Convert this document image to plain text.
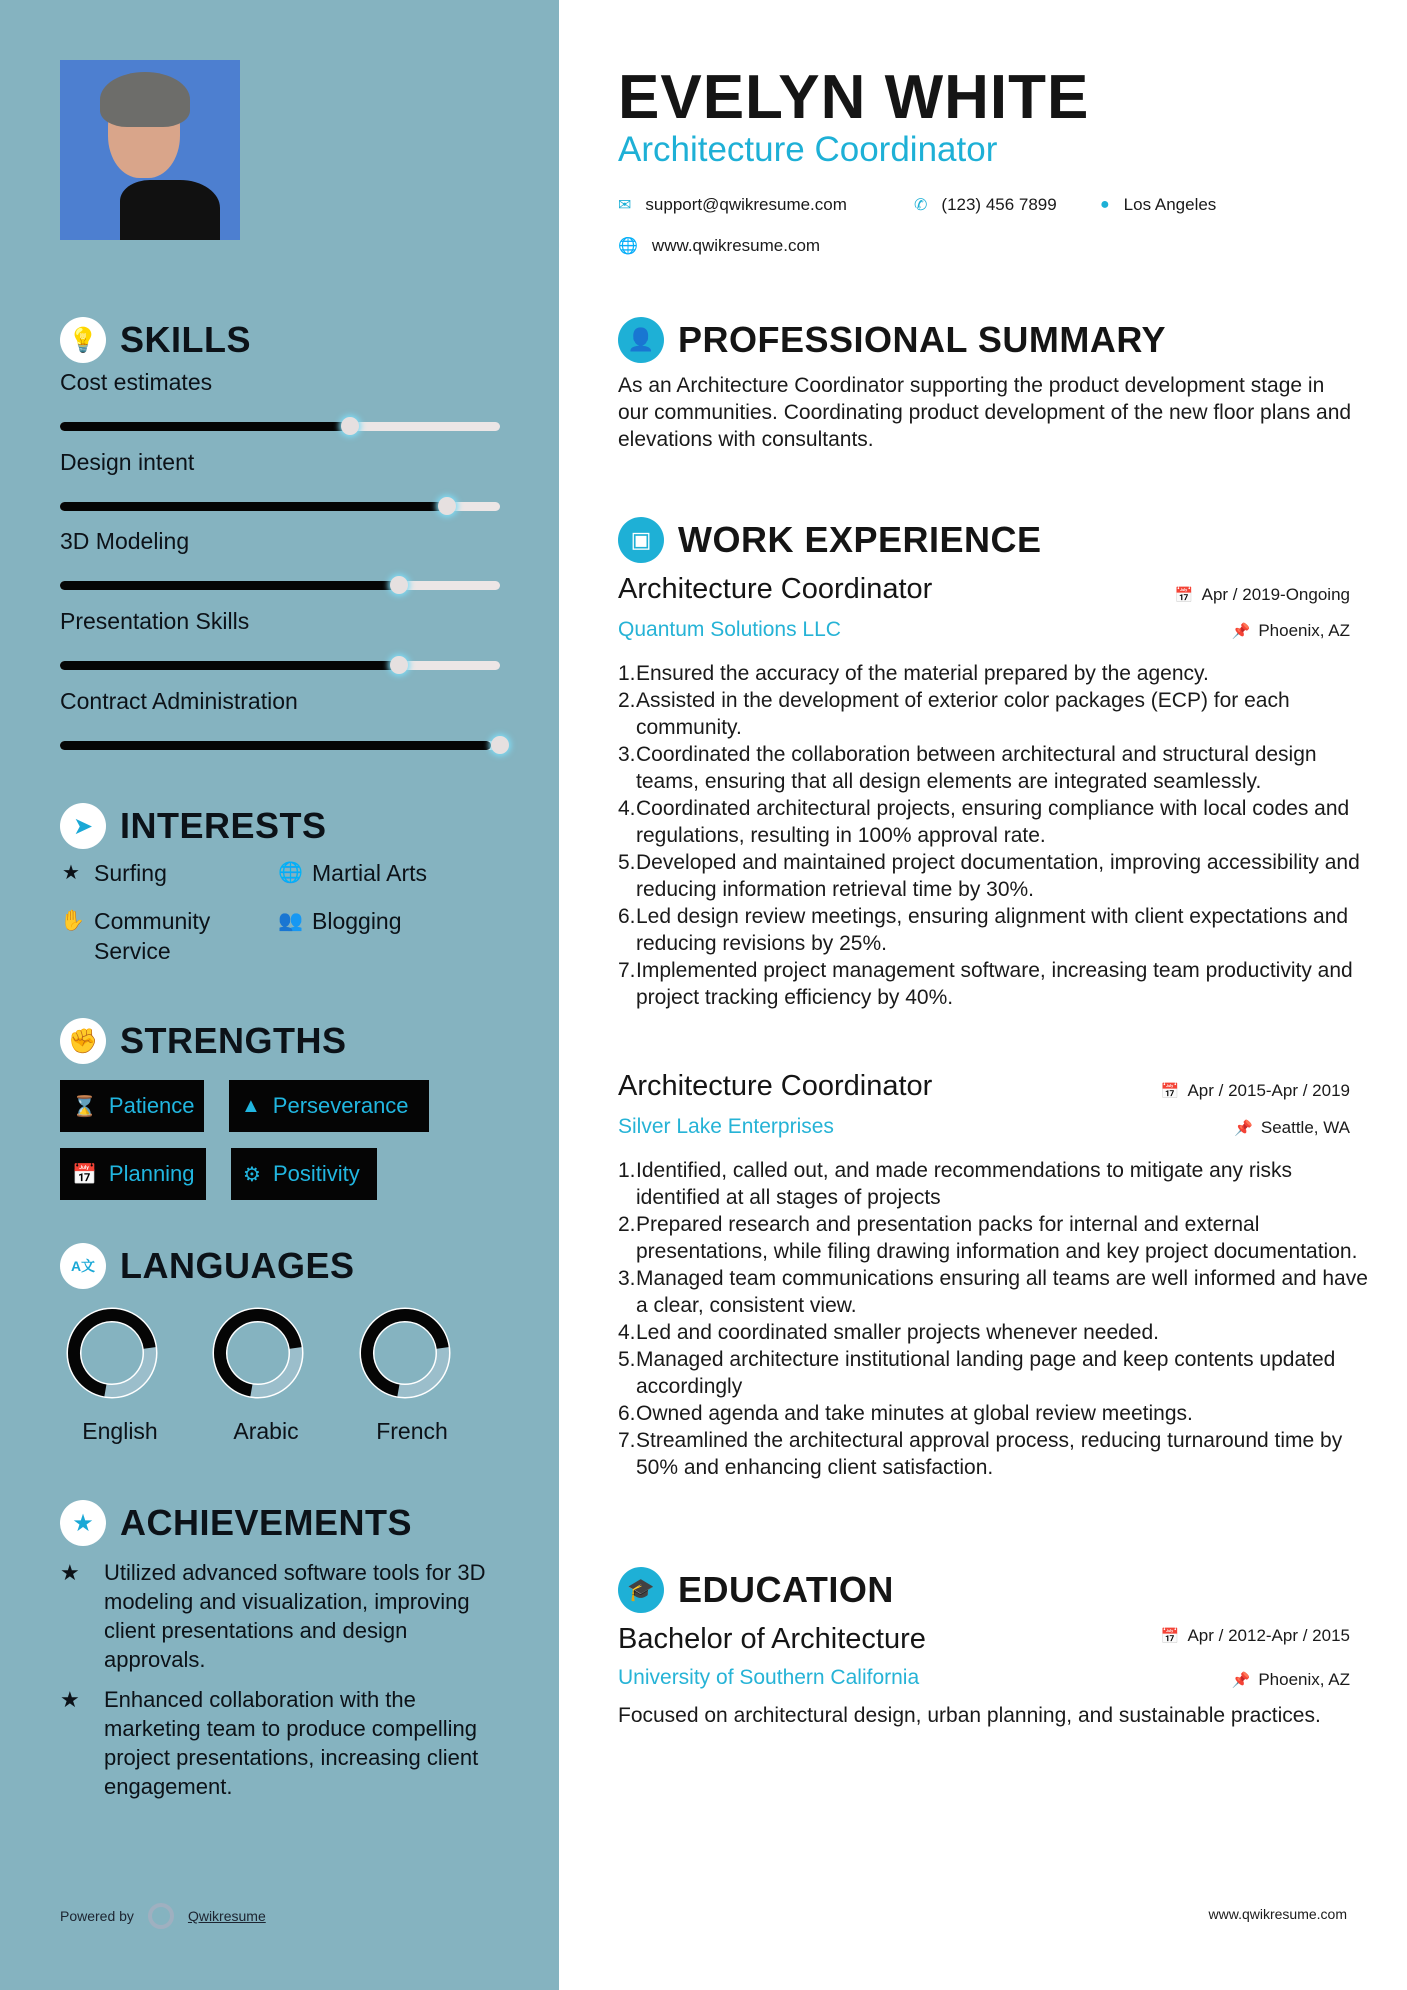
💡 SKILLS
Cost estimates
Design intent
3D Modeling
Presentation Skills
Contract Administration
➤ INTERESTS
★ Surfing	🌐 Martial Arts
✋ Community Service
👥 Blogging
✊ STRENGTHS
⌛ Patience ▲ Perseverance
📅 Planning ⚙ Positivity
A文 LANGUAGES
English	Arabic	French
★ ACHIEVEMENTS
★	Utilized advanced software tools for 3D modeling and visualization, improving client presentations and design approvals.
★	Enhanced collaboration with the marketing team to produce compelling project presentations, increasing client engagement.
Powered by	Qwikresume
EVELYN WHITE
Architecture Coordinator
✉ support@qwikresume.com	✆ (123) 456 7899	● Los Angeles
🌐 www.qwikresume.com
👤 PROFESSIONAL SUMMARY
As an Architecture Coordinator supporting the product development stage in our communities. Coordinating product development of the new floor plans and elevations with consultants.
▣ WORK EXPERIENCE
Architecture Coordinator	📅 Apr / 2019-Ongoing
Quantum Solutions LLC	📌 Phoenix, AZ
1. Ensured the accuracy of the material prepared by the agency.
2. Assisted in the development of exterior color packages (ECP) for each community.
3. Coordinated the collaboration between architectural and structural design teams, ensuring that all design elements are integrated seamlessly.
4. Coordinated architectural projects, ensuring compliance with local codes and regulations, resulting in 100% approval rate.
5. Developed and maintained project documentation, improving accessibility and reducing information retrieval time by 30%.
6. Led design review meetings, ensuring alignment with client expectations and reducing revisions by 25%.
7. Implemented project management software, increasing team productivity and project tracking efficiency by 40%.
Architecture Coordinator	📅 Apr / 2015-Apr / 2019
Silver Lake Enterprises	📌 Seattle, WA
1. Identified, called out, and made recommendations to mitigate any risks identified at all stages of projects
2. Prepared research and presentation packs for internal and external presentations, while filing drawing information and key project documentation.
3. Managed team communications ensuring all teams are well informed and have a clear, consistent view.
4. Led and coordinated smaller projects whenever needed.
5. Managed architecture institutional landing page and keep contents updated accordingly
6. Owned agenda and take minutes at global review meetings.
7. Streamlined the architectural approval process, reducing turnaround time by 50% and enhancing client satisfaction.
🎓 EDUCATION
Bachelor of Architecture	📅 Apr / 2012-Apr / 2015
University of Southern California	📌 Phoenix, AZ
Focused on architectural design, urban planning, and sustainable practices.
www.qwikresume.com
